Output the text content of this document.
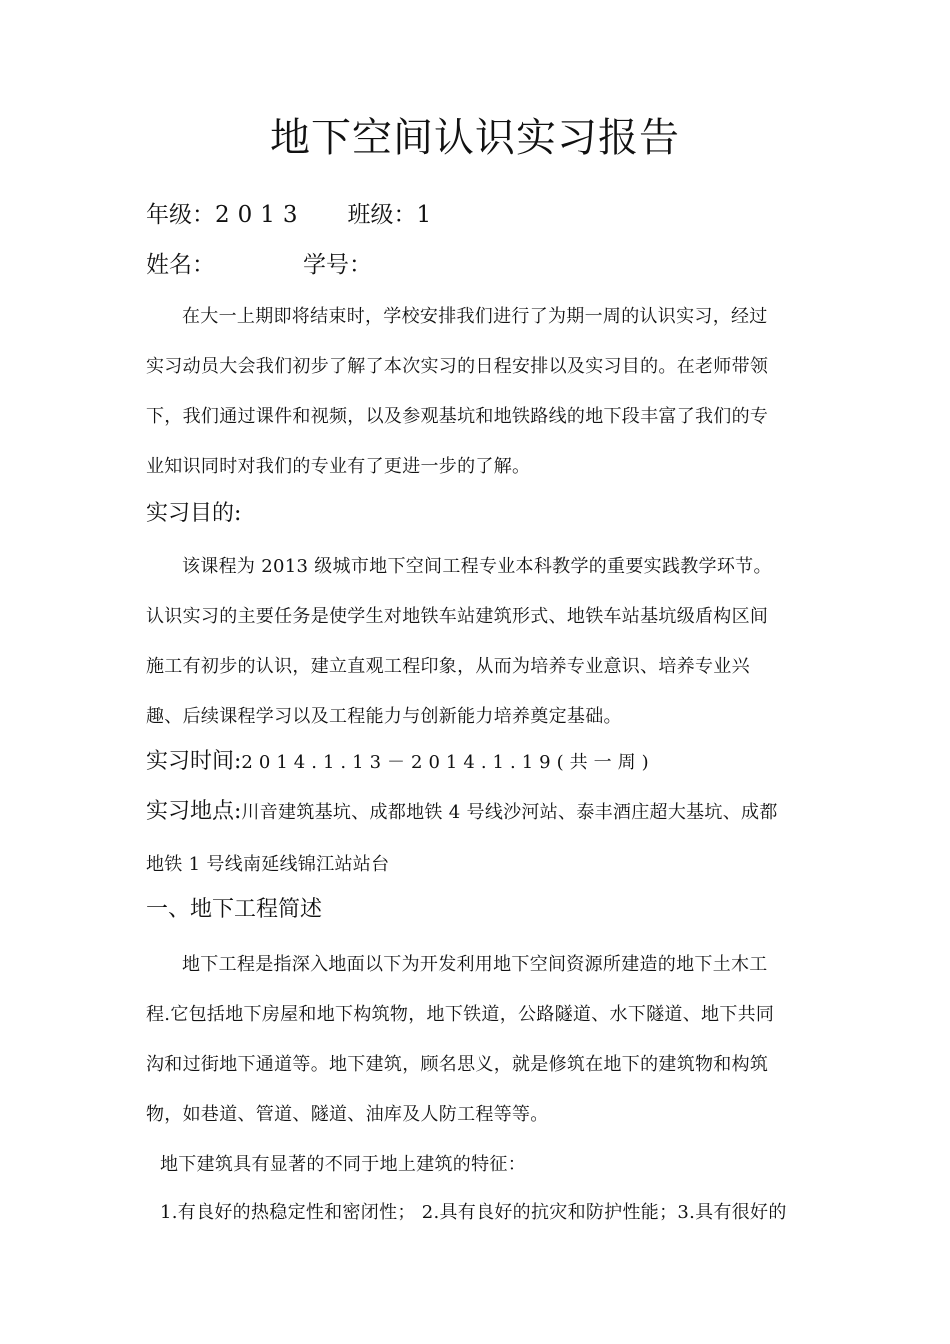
地下空间认识实习报告
年级：2013 班级：1
姓名：	学号：
在大一上期即将结束时，学校安排我们进行了为期一周的认识实习，经过
实习动员大会我们初步了解了本次实习的日程安排以及实习目的。在老师带领
下，我们通过课件和视频，以及参观基坑和地铁路线的地下段丰富了我们的专
业知识同时对我们的专业有了更进一步的了解。
实习目的:
该课程为 2013 级城市地下空间工程专业本科教学的重要实践教学环节。
认识实习的主要任务是使学生对地铁车站建筑形式、地铁车站基坑级盾构区间
施工有初步的认识，建立直观工程印象，从而为培养专业意识、培养专业兴
趣、后续课程学习以及工程能力与创新能力培养奠定基础。
实习时间:2014.1.13－2014.1.19(共一周)
实习地点:川音建筑基坑、成都地铁 4 号线沙河站、泰丰酒庄超大基坑、成都
地铁 1 号线南延线锦江站站台
一、地下工程简述
地下工程是指深入地面以下为开发利用地下空间资源所建造的地下土木工
程.它包括地下房屋和地下构筑物，地下铁道，公路隧道、水下隧道、地下共同
沟和过街地下通道等。地下建筑，顾名思义，就是修筑在地下的建筑物和构筑
物，如巷道、管道、隧道、油库及人防工程等等。
地下建筑具有显著的不同于地上建筑的特征：
1.有良好的热稳定性和密闭性； 2.具有良好的抗灾和防护性能；3.具有很好的
